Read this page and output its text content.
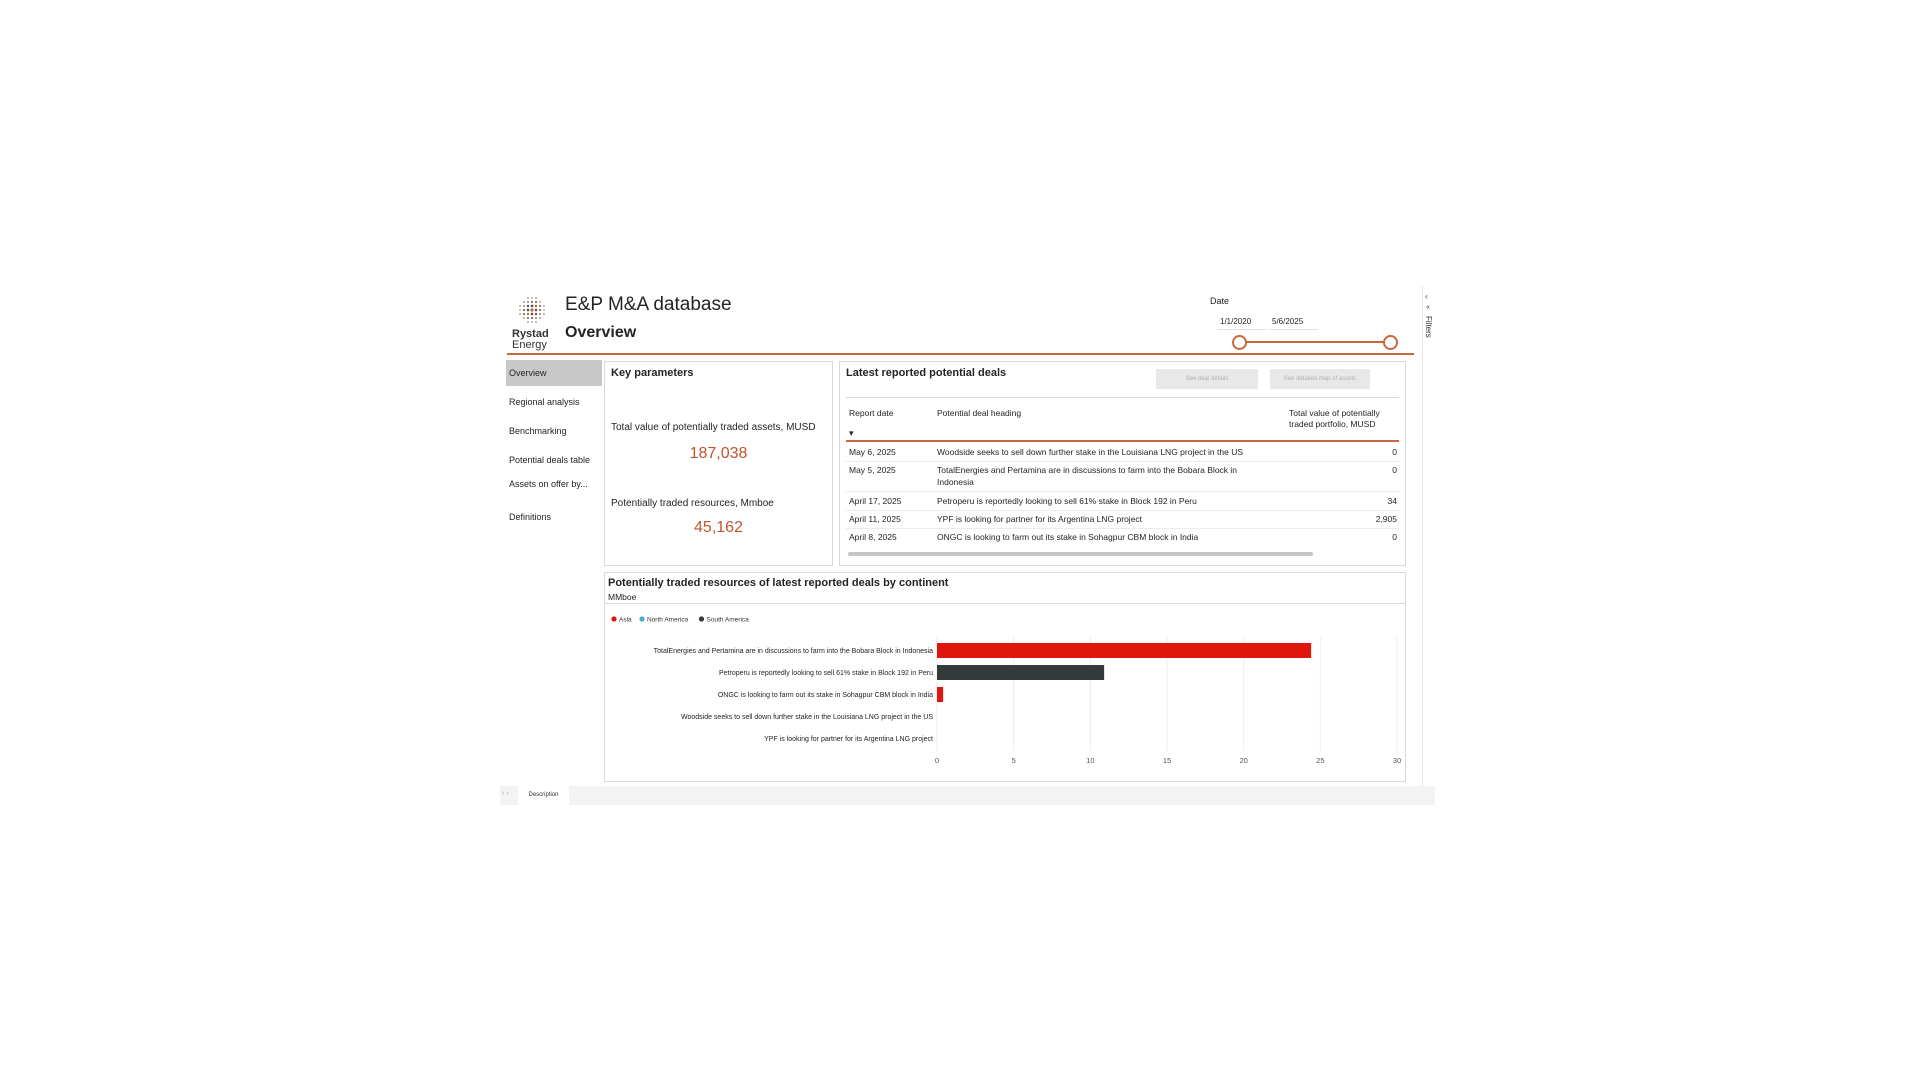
Rystad
Energy
E&P M&A database
Overview
Date
1/1/2020	5/6/2025
‹
«
Filters
Overview
Regional analysis
Benchmarking
Potential deals table
Assets on offer by...
Definitions
Key parameters
Total value of potentially traded assets, MUSD
187,038
Potentially traded resources, Mmboe
45,162
Latest reported potential deals	See deal details	See detailed map of assets
Report date	Potential deal heading	Total value of potentially
traded portfolio, MUSD
▾
May 6, 2025	Woodside seeks to sell down further stake in the Louisiana LNG project in the US	0
May 5, 2025	TotalEnergies and Pertamina are in discussions to farm into the Bobara Block in
Indonesia
0
April 17, 2025	Petroperu is reportedly looking to sell 61% stake in Block 192 in Peru	34
April 11, 2025	YPF is looking for partner for its Argentina LNG project	2,905
April 8, 2025	ONGC is looking to farm out its stake in Sohagpur CBM block in India	0
Potentially traded resources of latest reported deals by continent
MMboe
Asia North America	South America
0	5	10	15	20	25	30
TotalEnergies and Pertamina are in discussions to farm into the Bobara Block in Indonesia
Petroperu is reportedly looking to sell 61% stake in Block 192 in Peru
ONGC is looking to farm out its stake in Sohagpur CBM block in India
Woodside seeks to sell down further stake in the Louisiana LNG project in the US
YPF is looking for partner for its Argentina LNG project
‹ ›	Description
